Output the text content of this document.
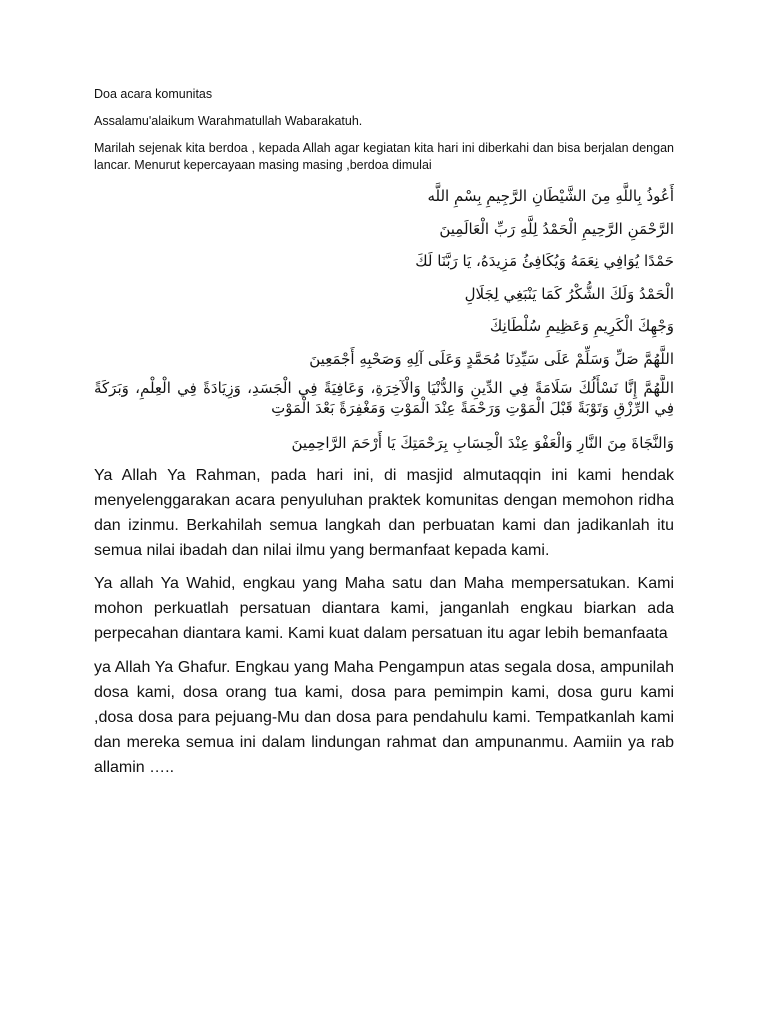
Doa acara komunitas

Assalamu'alaikum Warahmatullah Wabarakatuh.

Marilah sejenak kita berdoa , kepada Allah agar kegiatan kita hari ini diberkahi dan bisa berjalan dengan lancar. Menurut kepercayaan masing masing ,berdoa dimulai

أَعُوذُ بِاللَّهِ مِنَ الشَّيْطَانِ الرَّجِيمِ بِسْمِ اللَّه
الرَّحْمَنِ الرَّحِيمِ الْحَمْدُ لِلَّهِ رَبِّ الْعَالَمِينَ
حَمْدًا يُوَافِي نِعَمَهُ وَيُكَافِئُ مَزِيدَهُ، يَا رَبَّنَا لَكَ
الْحَمْدُ وَلَكَ الشُّكْرُ كَمَا يَنْبَغِي لِجَلَالِ
وَجْهِكَ الْكَرِيمِ وَعَظِيمِ سُلْطَانِكَ
اللَّهُمَّ صَلِّ وَسَلِّمْ عَلَى سَيِّدِنَا مُحَمَّدٍ وَعَلَى آلِهِ وَصَحْبِهِ أَجْمَعِينَ
اللَّهُمَّ إِنَّا نَسْأَلُكَ سَلَامَةً فِي الدِّينِ وَالدُّنْيَا وَالْآخِرَةِ، وَعَافِيَةً فِي الْجَسَدِ، وَزِيَادَةً فِي الْعِلْمِ، وَبَرَكَةً فِي الرِّزْقِ وَتَوْبَةً قَبْلَ الْمَوْتِ وَرَحْمَةً عِنْدَ الْمَوْتِ وَمَغْفِرَةً بَعْدَ الْمَوْتِ
وَالنَّجَاةَ مِنَ النَّارِ وَالْعَفْوَ عِنْدَ الْحِسَابِ بِرَحْمَتِكَ يَا أَرْحَمَ الرَّاحِمِينَ

Ya Allah Ya Rahman, pada hari ini, di masjid almutaqqin ini kami hendak menyelenggarakan acara penyuluhan praktek komunitas dengan memohon ridha dan izinmu. Berkahilah semua langkah dan perbuatan kami dan jadikanlah itu semua nilai ibadah dan nilai ilmu yang bermanfaat kepada kami.

Ya allah Ya Wahid, engkau yang Maha satu dan Maha mempersatukan. Kami mohon perkuatlah persatuan diantara kami, janganlah engkau biarkan ada perpecahan diantara kami. Kami kuat dalam persatuan itu agar lebih bemanfaata

ya Allah Ya Ghafur. Engkau yang Maha Pengampun atas segala dosa, ampunilah dosa kami, dosa orang tua kami, dosa para pemimpin kami, dosa guru kami ,dosa dosa para pejuang-Mu dan dosa para pendahulu kami. Tempatkanlah kami dan mereka semua ini dalam lindungan rahmat dan ampunanmu. Aamiin ya rab allamin …..
